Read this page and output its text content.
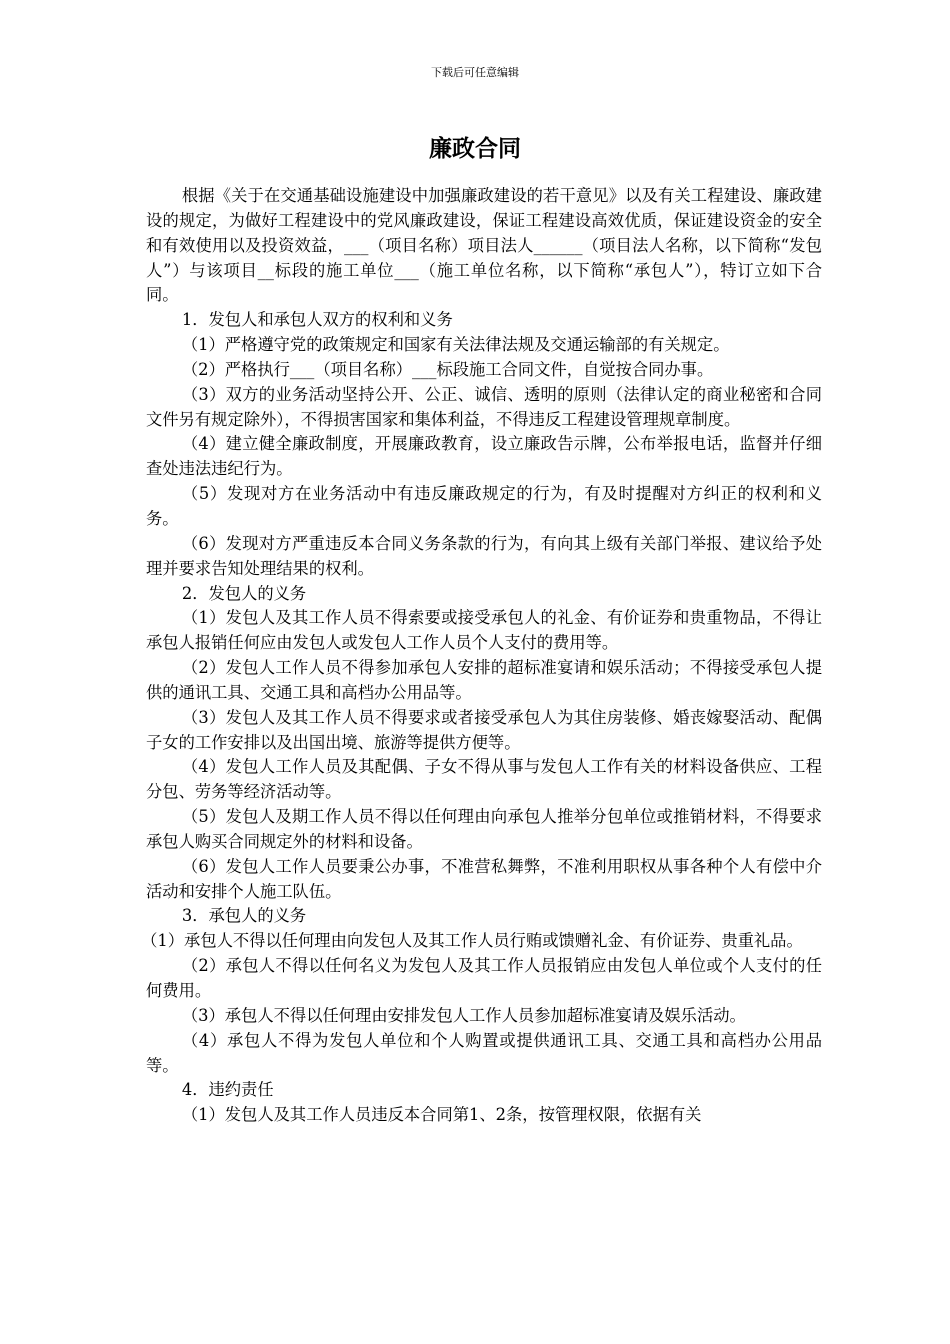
下载后可任意编辑
廉政合同

根据《关于在交通基础设施建设中加强廉政建设的若干意见》以及有关工程建设、廉政建设的规定，为做好工程建设中的党风廉政建设，保证工程建设高效优质，保证建设资金的安全和有效使用以及投资效益，___（项目名称）项目法人______（项目法人名称，以下简称“发包人”）与该项目__标段的施工单位___（施工单位名称，以下简称“承包人”），特订立如下合同。

1．发包人和承包人双方的权利和义务

（1）严格遵守党的政策规定和国家有关法律法规及交通运输部的有关规定。

（2）严格执行___（项目名称）___标段施工合同文件，自觉按合同办事。

（3）双方的业务活动坚持公开、公正、诚信、透明的原则（法律认定的商业秘密和合同文件另有规定除外），不得损害国家和集体利益，不得违反工程建设管理规章制度。

（4）建立健全廉政制度，开展廉政教育，设立廉政告示牌，公布举报电话，监督并仔细查处违法违纪行为。

（5）发现对方在业务活动中有违反廉政规定的行为，有及时提醒对方纠正的权利和义务。

（6）发现对方严重违反本合同义务条款的行为，有向其上级有关部门举报、建议给予处理并要求告知处理结果的权利。

2．发包人的义务

（1）发包人及其工作人员不得索要或接受承包人的礼金、有价证券和贵重物品，不得让承包人报销任何应由发包人或发包人工作人员个人支付的费用等。

（2）发包人工作人员不得参加承包人安排的超标准宴请和娱乐活动；不得接受承包人提供的通讯工具、交通工具和高档办公用品等。

（3）发包人及其工作人员不得要求或者接受承包人为其住房装修、婚丧嫁娶活动、配偶子女的工作安排以及出国出境、旅游等提供方便等。

（4）发包人工作人员及其配偶、子女不得从事与发包人工作有关的材料设备供应、工程分包、劳务等经济活动等。

（5）发包人及期工作人员不得以任何理由向承包人推举分包单位或推销材料，不得要求承包人购买合同规定外的材料和设备。

（6）发包人工作人员要秉公办事，不准营私舞弊，不准利用职权从事各种个人有偿中介活动和安排个人施工队伍。

3．承包人的义务

（1）承包人不得以任何理由向发包人及其工作人员行贿或馈赠礼金、有价证券、贵重礼品。

（2）承包人不得以任何名义为发包人及其工作人员报销应由发包人单位或个人支付的任何费用。

（3）承包人不得以任何理由安排发包人工作人员参加超标准宴请及娱乐活动。

（4）承包人不得为发包人单位和个人购置或提供通讯工具、交通工具和高档办公用品等。

4．违约责任

（1）发包人及其工作人员违反本合同第1、2条，按管理权限，依据有关
